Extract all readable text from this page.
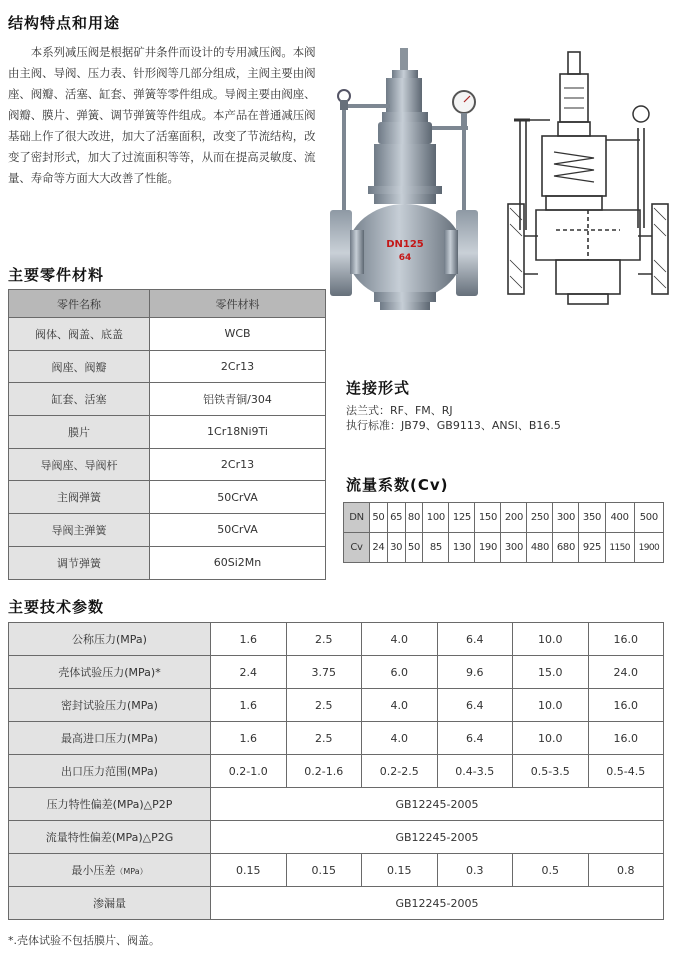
结构特点和用途

本系列减压阀是根据矿井条件而设计的专用减压阀。本阀由主阀、导阀、压力表、针形阀等几部分组成，主阀主要由阀座、阀瓣、活塞、缸套、弹簧等零件组成。导阀主要由阀座、阀瓣、膜片、弹簧、调节弹簧等件组成。本产品在普通减压阀基础上作了很大改进，加大了活塞面积，改变了节流结构，改变了密封形式，加大了过流面积等等，从而在提高灵敏度、流量、寿命等方面大大改善了性能。

DN125
64
主要零件材料
零件名称	零件材料
阀体、阀盖、底盖	WCB
阀座、阀瓣	2Cr13
缸套、活塞	铝铁青铜/304
膜片	1Cr18Ni9Ti
导阀座、导阀杆	2Cr13
主阀弹簧	50CrVA
导阀主弹簧	50CrVA
调节弹簧	60Si2Mn
连接形式
法兰式：RF、FM、RJ
执行标准：JB79、GB9113、ANSI、B16.5
流量系数(Cv)
DN	50	65	80	100	125	150	200	250	300	350	400	500
Cv	24	30	50	85	130	190	300	480	680	925	1150	1900
主要技术参数
公称压力(MPa)	1.6	2.5	4.0	6.4	10.0	16.0
壳体试验压力(MPa)*	2.4	3.75	6.0	9.6	15.0	24.0
密封试验压力(MPa)	1.6	2.5	4.0	6.4	10.0	16.0
最高进口压力(MPa)	1.6	2.5	4.0	6.4	10.0	16.0
出口压力范围(MPa)	0.2-1.0	0.2-1.6	0.2-2.5	0.4-3.5	0.5-3.5	0.5-4.5
压力特性偏差(MPa)△P2P	GB12245-2005					
流量特性偏差(MPa)△P2G	GB12245-2005					
最小压差（MPa）	0.15	0.15	0.15	0.3	0.5	0.8
渗漏量	GB12245-2005					
*.壳体试验不包括膜片、阀盖。
